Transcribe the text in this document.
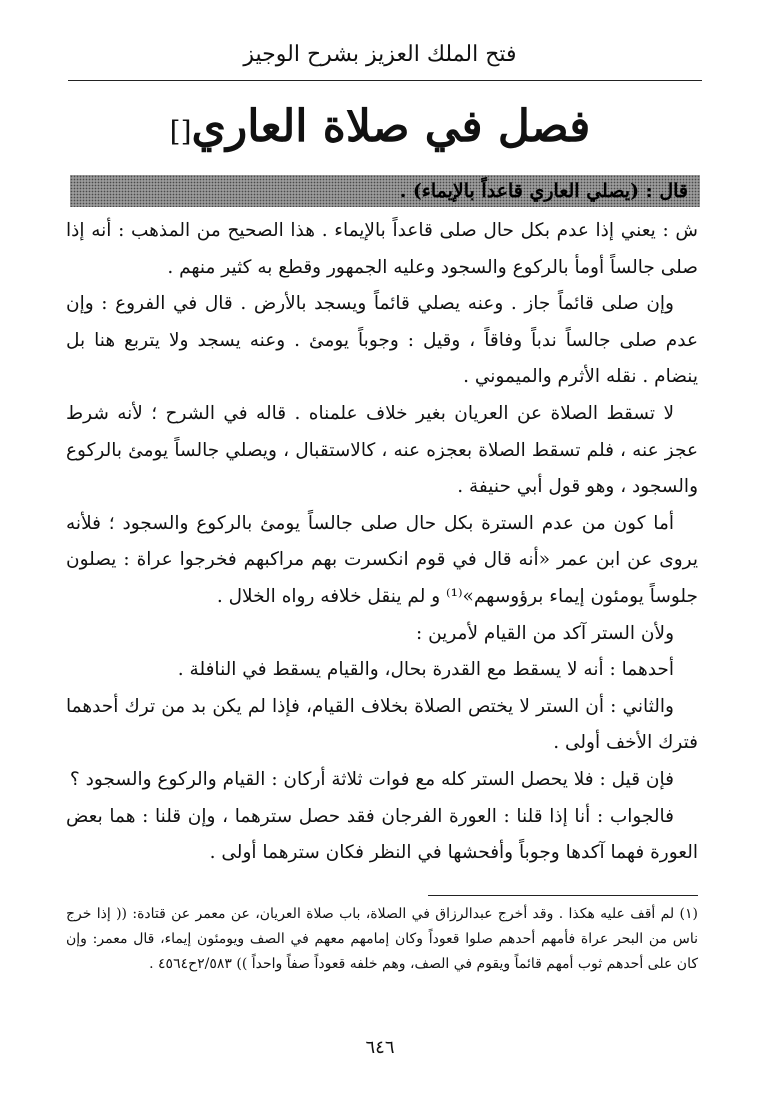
فتح الملك العزيز بشرح الوجيز
فصل في صلاة العاري[]
قال : (يصلي العاري قاعداً بالإيماء) .

ش : يعني إذا عدم بكل حال صلى قاعداً بالإيماء . هذا الصحيح من المذهب : أنه إذا صلى جالساً أومأ بالركوع والسجود وعليه الجمهور وقطع به كثير منهم .

وإن صلى قائماً جاز . وعنه يصلي قائماً ويسجد بالأرض . قال في الفروع : وإن عدم صلى جالساً ندباً وفاقاً ، وقيل : وجوباً يومئ . وعنه يسجد ولا يتربع هنا بل ينضام . نقله الأثرم والميموني .

لا تسقط الصلاة عن العريان بغير خلاف علمناه . قاله في الشرح ؛ لأنه شرط عجز عنه ، فلم تسقط الصلاة بعجزه عنه ، كالاستقبال ، ويصلي جالساً يومئ بالركوع والسجود ، وهو قول أبي حنيفة .

أما كون من عدم السترة بكل حال صلى جالساً يومئ بالركوع والسجود ؛ فلأنه يروى عن ابن عمر «أنه قال في قوم انكسرت بهم مراكبهم فخرجوا عراة : يصلون جلوساً يومئون إيماء برؤوسهم»⁽¹⁾ و لم ينقل خلافه رواه الخلال .

ولأن الستر آكد من القيام لأمرين :

أحدهما : أنه لا يسقط مع القدرة بحال، والقيام يسقط في النافلة .

والثاني : أن الستر لا يختص الصلاة بخلاف القيام، فإذا لم يكن بد من ترك أحدهما فترك الأخف أولى .

فإن قيل : فلا يحصل الستر كله مع فوات ثلاثة أركان : القيام والركوع والسجود ؟

فالجواب : أنا إذا قلنا : العورة الفرجان فقد حصل سترهما ، وإن قلنا : هما بعض العورة فهما آكدها وجوباً وأفحشها في النظر فكان سترهما أولى .

(١) لم أقف عليه هكذا . وقد أخرج عبدالرزاق في الصلاة، باب صلاة العريان، عن معمر عن قتادة: (( إذا خرج ناس من البحر عراة فأمهم أحدهم صلوا قعوداً وكان إمامهم معهم في الصف ويومئون إيماء، قال معمر: وإن كان على أحدهم ثوب أمهم قائماً ويقوم في الصف، وهم خلفه قعوداً صفاً واحداً )) ٢/٥٨٣ح٤٥٦٤ .
٦٤٦
